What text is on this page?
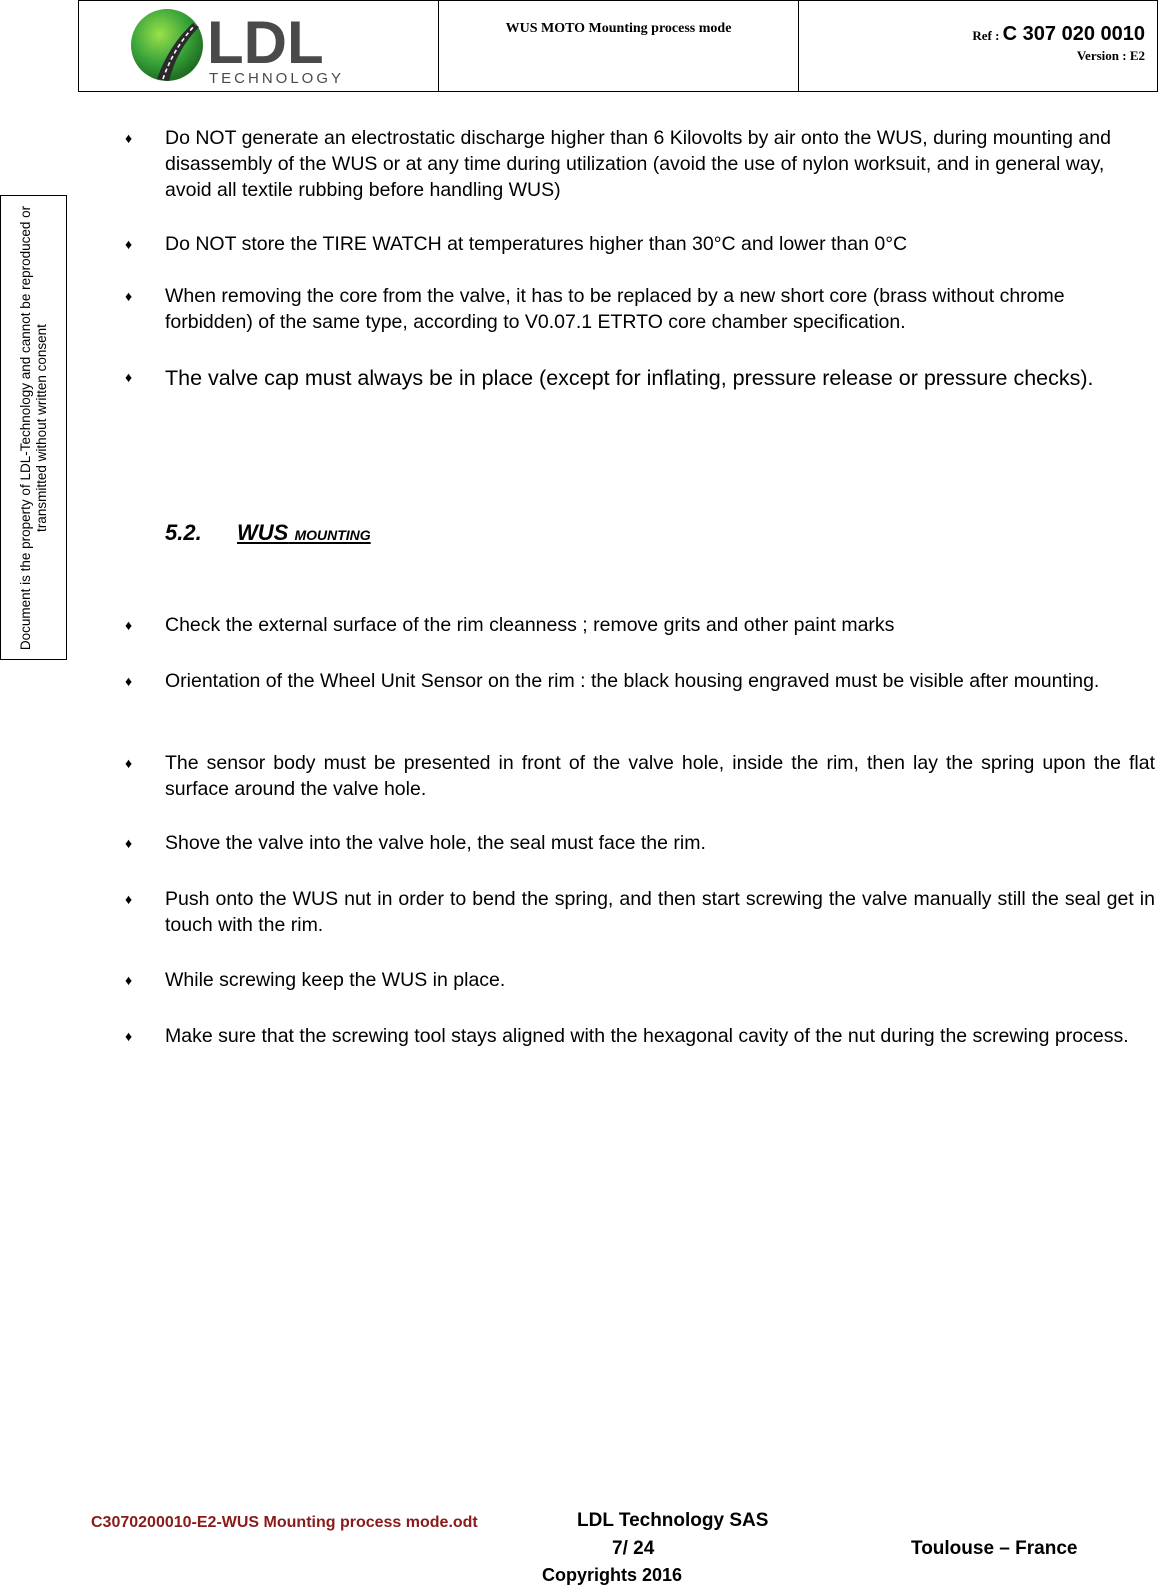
LDL
TECHNOLOGY
WUS MOTO Mounting process mode	Ref : C 307 020 0010
Version : E2
Document is the property of LDL-Technology and cannot be reproduced or transmitted without written consent
♦	Do NOT generate an electrostatic discharge higher than 6 Kilovolts by air onto the WUS, during mounting and disassembly of the WUS or at any time during utilization (avoid the use of nylon worksuit, and in general way, avoid all textile rubbing before handling WUS)
♦	Do NOT store the TIRE WATCH at temperatures higher than 30°C and lower than 0°C
♦	When removing the core from the valve, it has to be replaced by a new short core (brass without chrome forbidden) of the same type, according to V0.07.1 ETRTO core chamber specification.
♦	The valve cap must always be in place (except for inflating, pressure release or pressure checks).
5.2. WUS MOUNTING
♦	Check the external surface of the rim cleanness ; remove grits and other paint marks
♦	Orientation of the Wheel Unit Sensor on the rim : the black housing engraved must be visible after mounting.
♦	The sensor body must be presented in front of the valve hole, inside the rim, then lay the spring upon the flat surface around the valve hole.
♦	Shove the valve into the valve hole, the seal must face the rim.
♦	Push onto the WUS nut in order to bend the spring, and then start screwing the valve manually still the seal get in touch with the rim.
♦	While screwing keep the WUS in place.
♦	Make sure that the screwing tool stays aligned with the hexagonal cavity of the nut during the screwing process.
C3070200010-E2-WUS Mounting process mode.odt	LDL Technology SAS
7/ 24	Toulouse – France
Copyrights 2016
